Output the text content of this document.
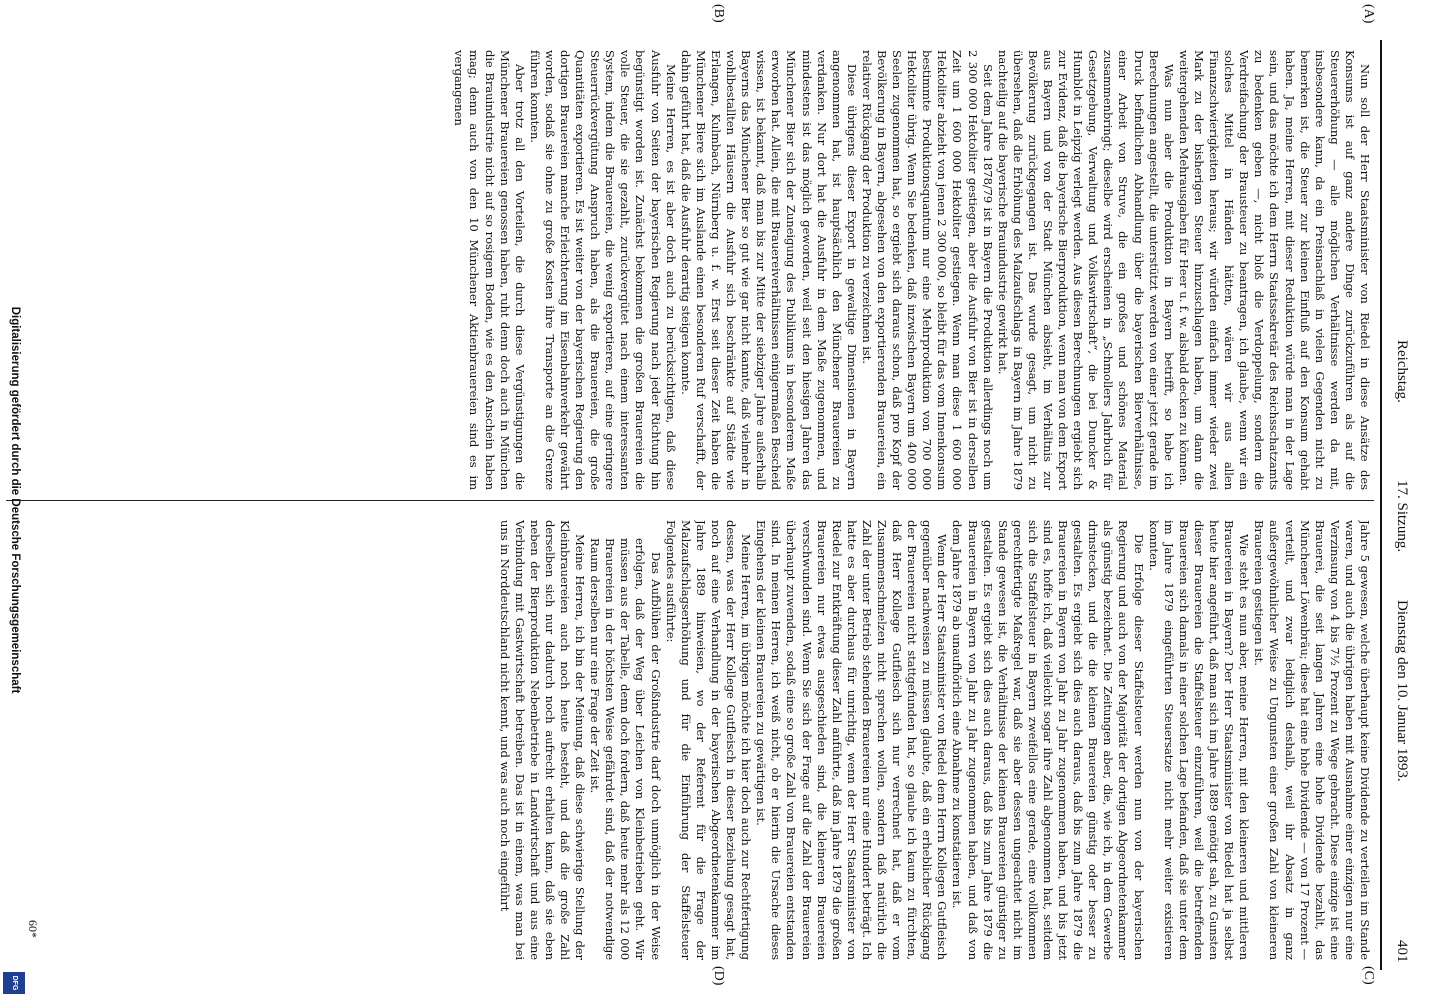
Reichstag.
17. Sitzung.
Dienstag den 10. Januar 1893.
401
(A)
(B)
(C)
(D)

Nun soll der Herr Staatsminister von Riedel in diese Ansätze des Konsums ist auf ganz andere Dinge zurückzuführen als auf die Steuererhöhung — alle möglichen Verhältnisse werden da mit, insbesondere kann, da ein Preisnachlaß in vielen Gegenden nicht zu bemerken ist, die Steuer zur kleinen Einfluß auf den Konsum gehabt haben. Ja, meine Herren, mit dieser Reduktion würde man in der Lage sein, und das möchte ich dem Herrn Staatssekretär des Reichsschatzamts zu bedenken geben —, nicht bloß die Verdoppelung, sondern die Verdreifachung der Brausteuer zu beantragen, ich glaube, wenn wir ein solches Mittel in Händen hätten, wären wir aus allen Finanzschwierigkeiten heraus; wir würden einfach immer wieder zwei Mark zu der bisherigen Steuer hinzuschlagen haben, um dann die weitergehenden Mehrausgaben für Heer u. f. w. alsbald decken zu können.

Was nun aber die Produktion in Bayern betrifft, so habe ich Berechnungen angestellt, die unterstützt werden von einer jetzt gerade im Druck befindlichen Abhandlung über die bayerischen Bierverhältnisse, einer Arbeit von Struve, die ein großes und schönes Material zusammenbringt; dieselbe wird erscheinen in „Schmollers Jahrbuch für Gesetzgebung, Verwaltung und Volkswirtschaft“, die bei Duncker & Humblot in Leipzig verlegt werden. Aus diesen Berechnungen ergiebt sich zur Evidenz, daß die bayerische Bierproduktion, wenn man von dem Export aus Bayern und von der Stadt München absieht, im Verhältnis zur Bevölkerung zurückgegangen ist. Das wurde gesagt, um nicht zu übersehen, daß die Erhöhung des Malzaufschlags in Bayern im Jahre 1879 nachteilig auf die bayerische Brauindustrie gewirkt hat.

Seit dem Jahre 1878/79 ist in Bayern die Produktion allerdings noch um 2 300 000 Hektoliter gestiegen, aber die Ausfuhr von Bier ist in derselben Zeit um 1 600 000 Hektoliter gestiegen. Wenn man diese 1 600 000 Hektoliter abzieht von jenen 2 300 000, so bleibt für das vom Innenkonsum bestimmte Produktionsquantum nur eine Mehrproduktion von 700 000 Hektoliter übrig. Wenn Sie bedenken, daß inzwischen Bayern um 400 000 Seelen zugenommen hat, so ergiebt sich daraus schon, daß pro Kopf der Bevölkerung in Bayern, abgesehen von den exportierenden Brauereien, ein relativer Rückgang der Produktion zu verzeichnen ist.

Diese übrigens dieser Export in gewaltige Dimensionen in Bayern angenommen hat, ist hauptsächlich den Münchener Brauereien zu verdanken. Nur dort hat die Ausfuhr in dem Maße zugenommen, und mindestens ist das möglich geworden, weil seit den hiesigen Jahren das Münchener Bier sich der Zuneigung des Publikums in besonderem Maße erworben hat. Allein, die mit Brauereiverhältnissen einigermaßen Bescheid wissen, ist bekannt, daß man bis zur Mitte der siebziger Jahre außerhalb Bayerns das Münchener Bier so gut wie gar nicht kannte, daß vielmehr in wohlbestallten Häusern die Ausfuhr sich beschränkte auf Städte wie Erlangen, Kulmbach, Nürnberg u. f. w. Erst seit dieser Zeit haben die Münchener Biere sich im Auslande einen besonderen Ruf verschafft, der dahin geführt hat, daß die Ausfuhr derartig steigen konnte.

Meine Herren, es ist aber doch auch zu berücksichtigen, daß diese Ausfuhr von Seiten der bayerischen Regierung nach jeder Richtung hin begünstigt worden ist. Zunächst bekommen die großen Brauereien die volle Steuer, die sie gezahlt, zurückvergütet nach einem interessanten System, indem die Brauereien, die wenig exportieren, auf eine geringere Steuerrückvergütung Anspruch haben, als die Brauereien, die große Quantitäten exportieren. Es ist weiter von der bayerischen Regierung den dortigen Brauereien manche Erleichterung im Eisenbahnverkehr gewährt worden, sodaß sie ohne zu große Kosten ihre Transporte an die Grenze führen konnten.

Aber trotz all den Vorteilen, die durch diese Vergünstigungen die Münchener Brauereien genossen haben, ruht denn doch auch in München die Brauindustrie nicht auf so rosigem Boden, wie es den Anschein haben mag; denn auch von den 10 Münchener Aktienbrauereien sind es im vergangenen

Jahre 5 gewesen, welche überhaupt keine Dividende zu verteilen im Stande waren, und auch die übrigen haben mit Ausnahme einer einzigen nur eine Verzinsung von 4 bis 7½ Prozent zu Wege gebracht. Diese einzige ist eine Brauerei, die seit langen Jahren eine hohe Dividende bezahlt, das Münchener Löwenbräu; diese hat eine hohe Dividende — von 17 Prozent — verteilt, und zwar lediglich deshalb, weil ihr Absatz in ganz außergewöhnlicher Weise zu Ungunsten einer großen Zahl von kleineren Brauereien gestiegen ist.

Wie steht es nun aber, meine Herren, mit den kleineren und mittleren Brauereien in Bayern? Der Herr Staatsminister von Riedel hat ja selbst heute hier angeführt, daß man sich im Jahre 1889 genötigt sah, zu Gunsten dieser Brauereien die Staffelsteuer einzuführen, weil die betreffenden Brauereien sich damals in einer solchen Lage befanden, daß sie unter dem im Jahre 1879 eingeführten Steuersatze nicht mehr weiter existieren konnten.

Die Erfolge dieser Staffelsteuer werden nun von der bayerischen Regierung und auch von der Majorität der dortigen Abgeordnetenkammer als günstig bezeichnet. Die Zeitungen aber, die, wie ich, in dem Gewerbe drinstecken, und die die kleinen Brauereien günstig oder besser zu gestalten. Es ergiebt sich dies auch daraus, daß bis zum Jahre 1879 die Brauereien in Bayern von Jahr zu Jahr zugenommen haben, und bis jetzt sind es, hoffe ich, daß vielleicht sogar ihre Zahl abgenommen hat, seitdem sich die Staffelsteuer in Bayern zweifellos eine gerade, eine vollkommen gerechtfertigte Maßregel war, daß sie aber dessen ungeachtet nicht im Stande gewesen ist, die Verhältnisse der kleinen Brauereien günstiger zu gestalten. Es ergiebt sich dies auch daraus, daß bis zum Jahre 1879 die Brauereien in Bayern von Jahr zu Jahr zugenommen haben, und daß von dem Jahre 1879 ab unaufhörlich eine Abnahme zu konstatieren ist.

Wenn der Herr Staatsminister von Riedel dem Herrn Kollegen Gutfleisch gegenüber nachweisen zu müssen glaubte, daß ein erheblicher Rückgang der Brauereien nicht stattgefunden hat, so glaube ich kaum zu fürchten, daß Herr Kollege Gutfleisch sich nur verrechnet hat, daß er vom Zusammenschmelzen nicht sprechen wollen, sondern daß natürlich die Zahl der unter Betrieb stehenden Brauereien nur eine Hundert beträgt. Ich hatte es aber durchaus für unrichtig, wenn der Herr Staatsminister von Riedel zur Entkräftung dieser Zahl anführte, daß im Jahre 1879 die großen Brauereien nur etwas ausgeschieden sind, die kleineren Brauereien verschwunden sind. Wenn Sie sich der Frage auf die Zahl der Brauereien überhaupt zuwenden, sodaß eine so große Zahl von Brauereien entstanden sind. In meinen Herren, ich weiß nicht, ob er hierin die Ursache dieses Eingehens der kleinen Brauereien zu gewärtigen ist.

Meine Herren, im übrigen möchte ich hier doch auch zur Rechtfertigung dessen, was der Herr Kollege Gutfleisch in dieser Beziehung gesagt hat, noch auf eine Verhandlung in der bayerischen Abgeordnetenkammer im Jahre 1889 hinweisen, wo der Referent für die Frage der Malzaufschlagserhöhung und für die Einführung der Staffelsteuer Folgendes ausführte:

Das Aufblühen der Großindustrie darf doch unmöglich in der Weise erfolgen, daß der Weg über Leichen von Kleinbetrieben geht. Wir müssen aus der Tabelle, denn doch fordern, daß heute mehr als 12 000 Brauereien in der höchsten Weise gefährdet sind, daß der notwendige Raum derselben nur eine Frage der Zeit ist.

Meine Herren, ich bin der Meinung, daß diese schwierige Stellung der Kleinbrauereien auch noch heute besteht, und daß die große Zahl derselben sich nur dadurch noch aufrecht erhalten kann, daß sie eben neben der Bierproduktion Nebenbetriebe in Landwirtschaft und aus eine Verbindung mit Gastwirtschaft betreiben. Das ist in einem, was man bei uns in Norddeutschland nicht kennt, und was auch noch eingeführt

60*
Digitalisierung gefördert durch die Deutsche Forschungsgemeinschaft
DFG
